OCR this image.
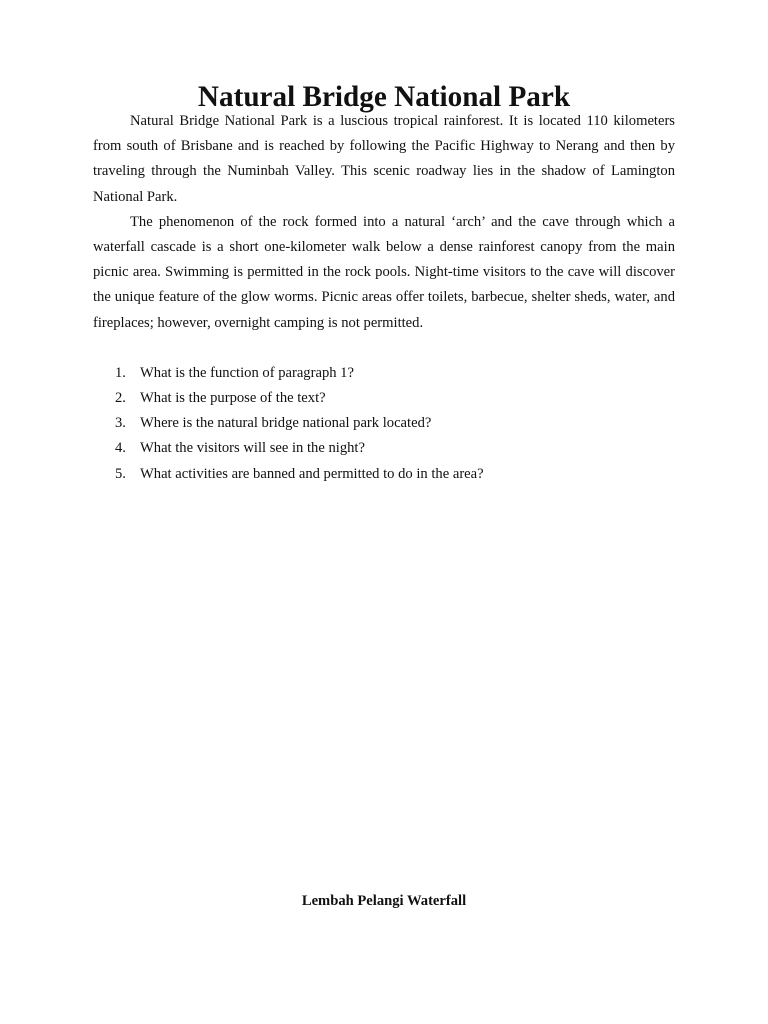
Natural Bridge National Park

Natural Bridge National Park is a luscious tropical rainforest. It is located 110 kilometers from south of Brisbane and is reached by following the Pacific Highway to Nerang and then by traveling through the Numinbah Valley. This scenic roadway lies in the shadow of Lamington National Park.

The phenomenon of the rock formed into a natural ‘arch’ and the cave through which a waterfall cascade is a short one-kilometer walk below a dense rainforest canopy from the main picnic area. Swimming is permitted in the rock pools. Night-time visitors to the cave will discover the unique feature of the glow worms. Picnic areas offer toilets, barbecue, shelter sheds, water, and fireplaces; however, overnight camping is not permitted.

1. What is the function of paragraph 1?
2. What is the purpose of the text?
3. Where is the natural bridge national park located?
4. What the visitors will see in the night?
5. What activities are banned and permitted to do in the area?
Lembah Pelangi Waterfall
